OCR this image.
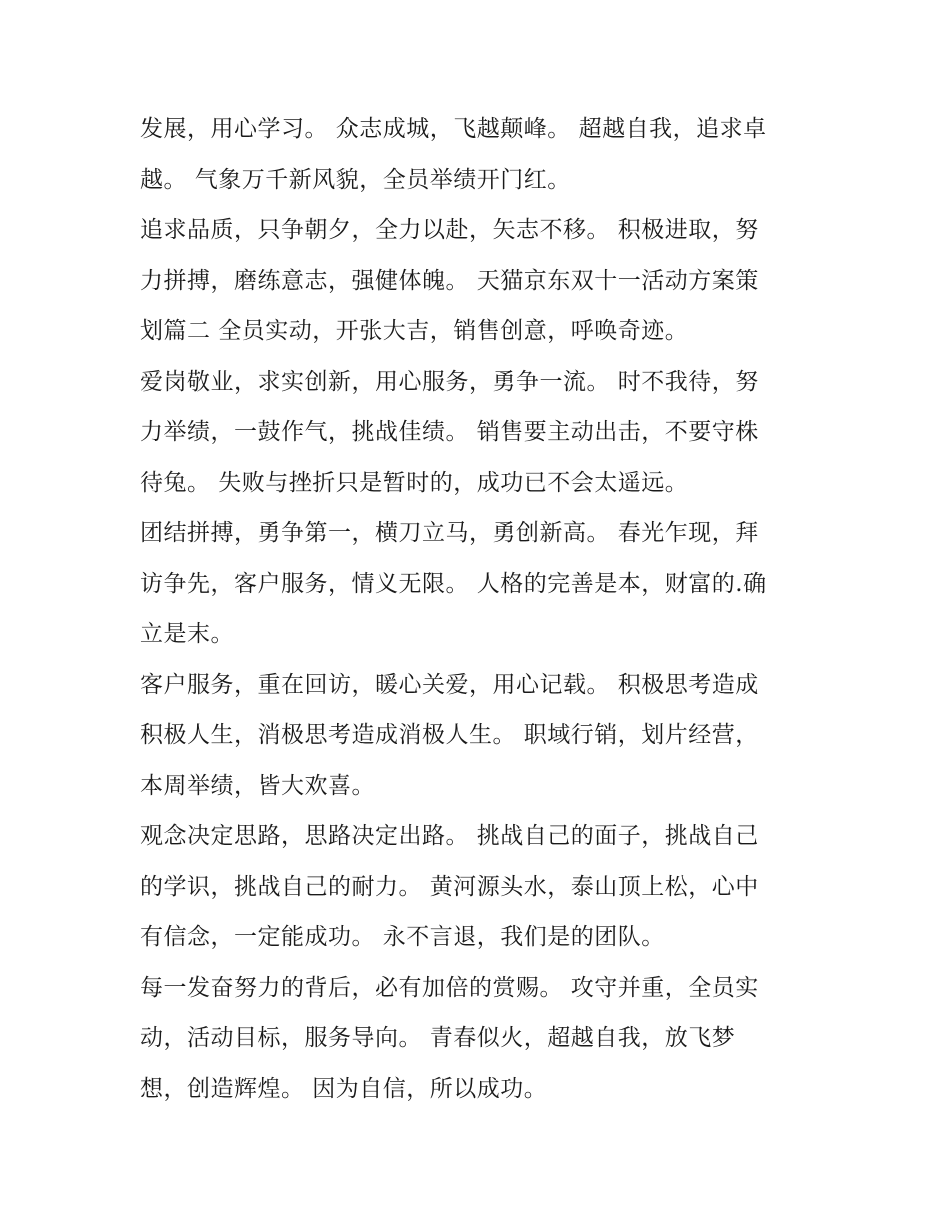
发展，用心学习。 众志成城，飞越颠峰。 超越自我，追求卓
越。 气象万千新风貌，全员举绩开门红。

追求品质，只争朝夕，全力以赴，矢志不移。 积极进取，努
力拼搏，磨练意志，强健体魄。 天猫京东双十一活动方案策
划篇二 全员实动，开张大吉，销售创意，呼唤奇迹。

爱岗敬业，求实创新，用心服务，勇争一流。 时不我待，努
力举绩，一鼓作气，挑战佳绩。 销售要主动出击，不要守株
待兔。 失败与挫折只是暂时的，成功已不会太遥远。

团结拼搏，勇争第一，横刀立马，勇创新高。 春光乍现，拜
访争先，客户服务，情义无限。 人格的完善是本，财富的.确
立是末。

客户服务，重在回访，暖心关爱，用心记载。 积极思考造成
积极人生，消极思考造成消极人生。 职域行销，划片经营，
本周举绩，皆大欢喜。

观念决定思路，思路决定出路。 挑战自己的面子，挑战自己
的学识，挑战自己的耐力。 黄河源头水，泰山顶上松，心中
有信念，一定能成功。 永不言退，我们是的团队。

每一发奋努力的背后，必有加倍的赏赐。 攻守并重，全员实
动，活动目标，服务导向。 青春似火，超越自我，放飞梦
想，创造辉煌。 因为自信，所以成功。
